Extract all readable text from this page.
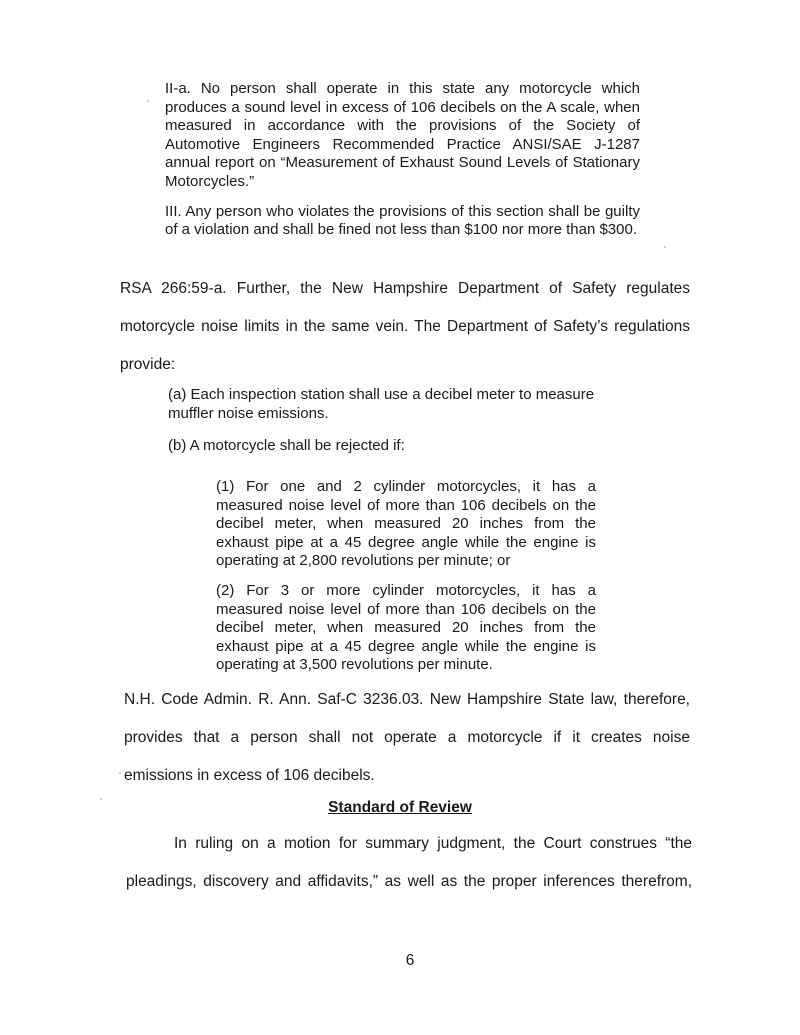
II-a. No person shall operate in this state any motorcycle which produces a sound level in excess of 106 decibels on the A scale, when measured in accordance with the provisions of the Society of Automotive Engineers Recommended Practice ANSI/SAE J-1287 annual report on “Measurement of Exhaust Sound Levels of Stationary Motorcycles.”

III. Any person who violates the provisions of this section shall be guilty of a violation and shall be fined not less than $100 nor more than $300.

RSA 266:59-a. Further, the New Hampshire Department of Safety regulates
motorcycle noise limits in the same vein. The Department of Safety’s regulations
provide:

(a) Each inspection station shall use a decibel meter to measure muffler noise emissions.

(b) A motorcycle shall be rejected if:

(1) For one and 2 cylinder motorcycles, it has a measured noise level of more than 106 decibels on the decibel meter, when measured 20 inches from the exhaust pipe at a 45 degree angle while the engine is operating at 2,800 revolutions per minute; or

(2) For 3 or more cylinder motorcycles, it has a measured noise level of more than 106 decibels on the decibel meter, when measured 20 inches from the exhaust pipe at a 45 degree angle while the engine is operating at 3,500 revolutions per minute.

N.H. Code Admin. R. Ann. Saf-C 3236.03. New Hampshire State law, therefore,
provides that a person shall not operate a motorcycle if it creates noise
emissions in excess of 106 decibels.
Standard of Review
In ruling on a motion for summary judgment, the Court construes “the
pleadings, discovery and affidavits,” as well as the proper inferences therefrom,
6
